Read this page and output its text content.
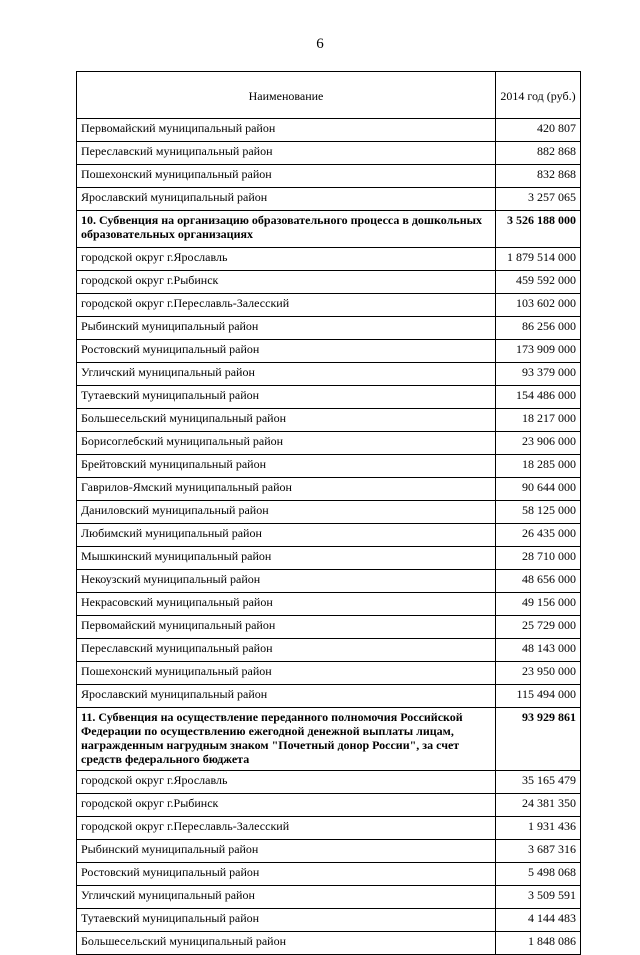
6
Наименование	2014 год (руб.)
Первомайский муниципальный район	420 807
Переславский муниципальный район	882 868
Пошехонский муниципальный район	832 868
Ярославский муниципальный район	3 257 065
10. Субвенция на организацию образовательного процесса в дошкольных образовательных организациях	3 526 188 000
городской округ г.Ярославль	1 879 514 000
городской округ г.Рыбинск	459 592 000
городской округ г.Переславль-Залесский	103 602 000
Рыбинский муниципальный район	86 256 000
Ростовский муниципальный район	173 909 000
Угличский муниципальный район	93 379 000
Тутаевский муниципальный район	154 486 000
Большесельский муниципальный район	18 217 000
Борисоглебский муниципальный район	23 906 000
Брейтовский муниципальный район	18 285 000
Гаврилов-Ямский муниципальный район	90 644 000
Даниловский муниципальный район	58 125 000
Любимский муниципальный район	26 435 000
Мышкинский муниципальный район	28 710 000
Некоузский муниципальный район	48 656 000
Некрасовский муниципальный район	49 156 000
Первомайский муниципальный район	25 729 000
Переславский муниципальный район	48 143 000
Пошехонский муниципальный район	23 950 000
Ярославский муниципальный район	115 494 000
11. Субвенция на осуществление переданного полномочия Российской Федерации по осуществлению ежегодной денежной выплаты лицам, награжденным нагрудным знаком "Почетный донор России", за счет средств федерального бюджета	93 929 861
городской округ г.Ярославль	35 165 479
городской округ г.Рыбинск	24 381 350
городской округ г.Переславль-Залесский	1 931 436
Рыбинский муниципальный район	3 687 316
Ростовский муниципальный район	5 498 068
Угличский муниципальный район	3 509 591
Тутаевский муниципальный район	4 144 483
Большесельский муниципальный район	1 848 086
